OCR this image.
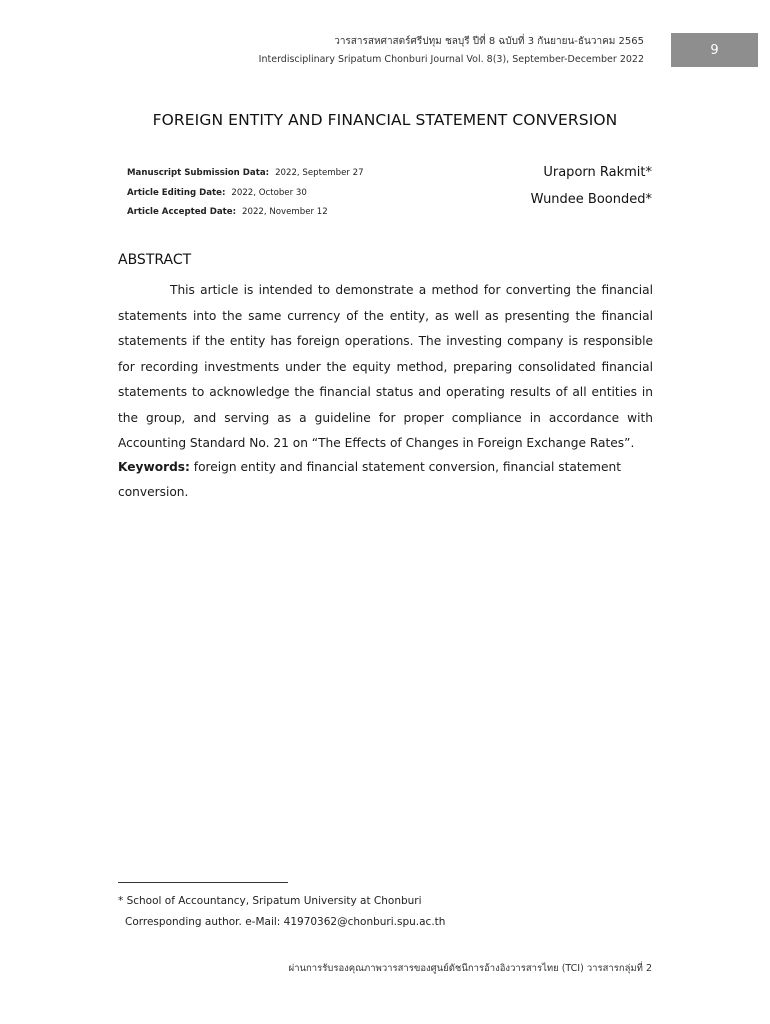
วารสารสหศาสตร์ศรีปทุม ชลบุรี ปีที่ 8 ฉบับที่ 3 กันยายน-ธันวาคม 2565
Interdisciplinary Sripatum Chonburi Journal Vol. 8(3), September-December 2022
9
FOREIGN ENTITY AND FINANCIAL STATEMENT CONVERSION
Manuscript Submission Data: 2022, September 27
Article Editing Date: 2022, October 30
Article Accepted Date: 2022, November 12
Uraporn Rakmit*
Wundee Boonded*
ABSTRACT
This article is intended to demonstrate a method for converting the financial statements into the same currency of the entity, as well as presenting the financial statements if the entity has foreign operations. The investing company is responsible for recording investments under the equity method, preparing consolidated financial statements to acknowledge the financial status and operating results of all entities in the group, and serving as a guideline for proper compliance in accordance with Accounting Standard No. 21 on “The Effects of Changes in Foreign Exchange Rates”.
Keywords: foreign entity and financial statement conversion, financial statement conversion.
* School of Accountancy, Sripatum University at Chonburi
Corresponding author. e-Mail: 41970362@chonburi.spu.ac.th
ผ่านการรับรองคุณภาพวารสารของศูนย์ดัชนีการอ้างอิงวารสารไทย (TCI) วารสารกลุ่มที่ 2
